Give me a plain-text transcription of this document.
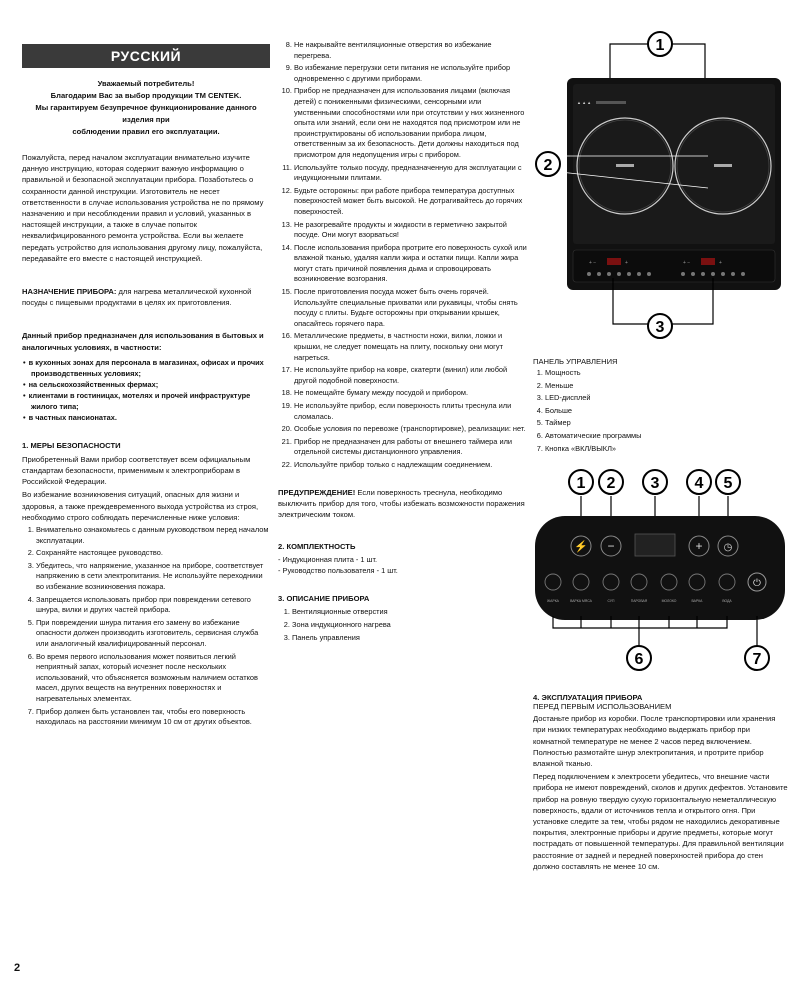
РУССКИЙ
Уважаемый потребитель!
Благодарим Вас за выбор продукции ТМ CENTEK.
Мы гарантируем безупречное функционирование данного изделия при
соблюдении правил его эксплуатации.

Пожалуйста, перед началом эксплуатации внимательно изучите данную инструкцию, которая содержит важную информацию о правильной и безопасной эксплуатации прибора. Позаботьтесь о сохранности данной инструкции. Изготовитель не несет ответственности в случае использования устройства не по прямому назначению и при несоблюдении правил и условий, указанных в настоящей инструкции, а также в случае попыток неквалифицированного ремонта устройства. Если вы желаете передать устройство для использования другому лицу, пожалуйста, передавайте его вместе с настоящей инструкцией.

НАЗНАЧЕНИЕ ПРИБОРА: для нагрева металлической кухонной посуды с пищевыми продуктами в целях их приготовления.

Данный прибор предназначен для использования в бытовых и аналогичных условиях, в частности:

• в кухонных зонах для персонала в магазинах, офисах и прочих производственных условиях;
• на сельскохозяйственных фермах;
• клиентами в гостиницах, мотелях и прочей инфраструктуре жилого типа;
• в частных пансионатах.
1. МЕРЫ БЕЗОПАСНОСТИ

Приобретенный Вами прибор соответствует всем официальным стандартам безопасности, применимым к электроприборам в Российской Федерации.

Во избежание возникновения ситуаций, опасных для жизни и здоровья, а также преждевременного выхода устройства из строя, необходимо строго соблюдать перечисленные ниже условия:

1. Внимательно ознакомьтесь с данным руководством перед началом эксплуатации.
2. Сохраняйте настоящее руководство.
3. Убедитесь, что напряжение, указанное на приборе, соответствует напряжению в сети электропитания. Не используйте переходники во избежание возникновения пожара.
4. Запрещается использовать прибор при повреждении сетевого шнура, вилки и других частей прибора.
5. При повреждении шнура питания его замену во избежание опасности должен производить изготовитель, сервисная служба или аналогичный квалифицированный персонал.
6. Во время первого использования может появиться легкий неприятный запах, который исчезнет после нескольких использований, что объясняется возможным наличием остатков масел, других веществ на внутренних поверхностях и нагревательных элементах.
7. Прибор должен быть установлен так, чтобы его поверхность находилась на расстоянии минимум 10 см от других объектов.
8. Не накрывайте вентиляционные отверстия во избежание перегрева.
9. Во избежание перегрузки сети питания не используйте прибор одновременно с другими приборами.
10. Прибор не предназначен для использования лицами (включая детей) с пониженными физическими, сенсорными или умственными способностями или при отсутствии у них жизненного опыта или знаний, если они не находятся под присмотром или не проинструктированы об использовании прибора лицом, ответственным за их безопасность. Дети должны находиться под присмотром для недопущения игры с прибором.
11. Используйте только посуду, предназначенную для эксплуатации с индукционными плитами.
12. Будьте осторожны: при работе прибора температура доступных поверхностей может быть высокой. Не дотрагивайтесь до горячих поверхностей.
13. Не разогревайте продукты и жидкости в герметично закрытой посуде. Они могут взорваться!
14. После использования прибора протрите его поверхность сухой или влажной тканью, удаляя капли жира и остатки пищи. Капли жира могут стать причиной появления дыма и спровоцировать возникновение возгорания.
15. После приготовления посуда может быть очень горячей. Используйте специальные прихватки или рукавицы, чтобы снять посуду с плиты. Будьте осторожны при открывании крышек, опасайтесь горячего пара.
16. Металлические предметы, в частности ножи, вилки, ложки и крышки, не следует помещать на плиту, поскольку они могут нагреться.
17. Не используйте прибор на ковре, скатерти (винил) или любой другой подобной поверхности.
18. Не помещайте бумагу между посудой и прибором.
19. Не используйте прибор, если поверхность плиты треснула или сломалась.
20. Особые условия по перевозке (транспортировке), реализации: нет.
21. Прибор не предназначен для работы от внешнего таймера или отдельной системы дистанционного управления.
22. Используйте прибор только с надлежащим соединением.

ПРЕДУПРЕЖДЕНИЕ! Если поверхность треснула, необходимо выключить прибор для того, чтобы избежать возможности поражения электрическим током.

2. КОМПЛЕКТНОСТЬ
- Индукционная плита - 1 шт.
- Руководство пользователя - 1 шт.
3. ОПИСАНИЕ ПРИБОРА
1. Вентиляционные отверстия
2. Зона индукционного нагрева
3. Панель управления
1
▲ ▲ ▲
2
+ −	+	+ −	+
3
ПАНЕЛЬ УПРАВЛЕНИЯ
1. Мощность
2. Меньше
3. LED-дисплей
4. Больше
5. Таймер
6. Автоматические программы
7. Кнопка «ВКЛ/ВЫКЛ»
1 2 3 4 5
⚡ −	+ ◷
⏻
ЖАРКА	ВАРКА МЯСА	СУП	ПАРОВАЯ	МОЛОКО	ВАРКА	ВОДА
6	7
4. ЭКСПЛУАТАЦИЯ ПРИБОРА
ПЕРЕД ПЕРВЫМ ИСПОЛЬЗОВАНИЕМ

Достаньте прибор из коробки. После транспортировки или хранения при низких температурах необходимо выдержать прибор при комнатной температуре не менее 2 часов перед включением. Полностью размотайте шнур электропитания, и протрите прибор влажной тканью.

Перед подключением к электросети убедитесь, что внешние части прибора не имеют повреждений, сколов и других дефектов. Установите прибор на ровную твердую сухую горизонтальную неметаллическую поверхность, вдали от источников тепла и открытого огня. При установке следите за тем, чтобы рядом не находились декоративные покрытия, электронные приборы и другие предметы, которые могут пострадать от повышенной температуры. Для правильной вентиляции расстояние от задней и передней поверхностей прибора до стен должно составлять не менее 10 см.

2
